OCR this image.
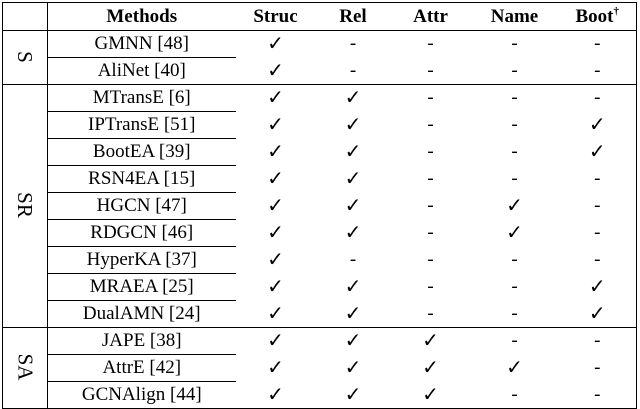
	Methods	Struc	Rel	Attr	Name	Boot†
S	GMNN [48]	✓	-	-	-	-
	AliNet [40]	✓	-	-	-	-
SR	MTransE [6]	✓	✓	-	-	-
	IPTransE [51]	✓	✓	-	-	✓
	BootEA [39]	✓	✓	-	-	✓
	RSN4EA [15]	✓	✓	-	-	-
	HGCN [47]	✓	✓	-	✓	-
	RDGCN [46]	✓	✓	-	✓	-
	HyperKA [37]	✓	-	-	-	-
	MRAEA [25]	✓	✓	-	-	✓
	DualAMN [24]	✓	✓	-	-	✓
SA	JAPE [38]	✓	✓	✓	-	-
	AttrE [42]	✓	✓	✓	✓	-
	GCNAlign [44]	✓	✓	✓	-	-
